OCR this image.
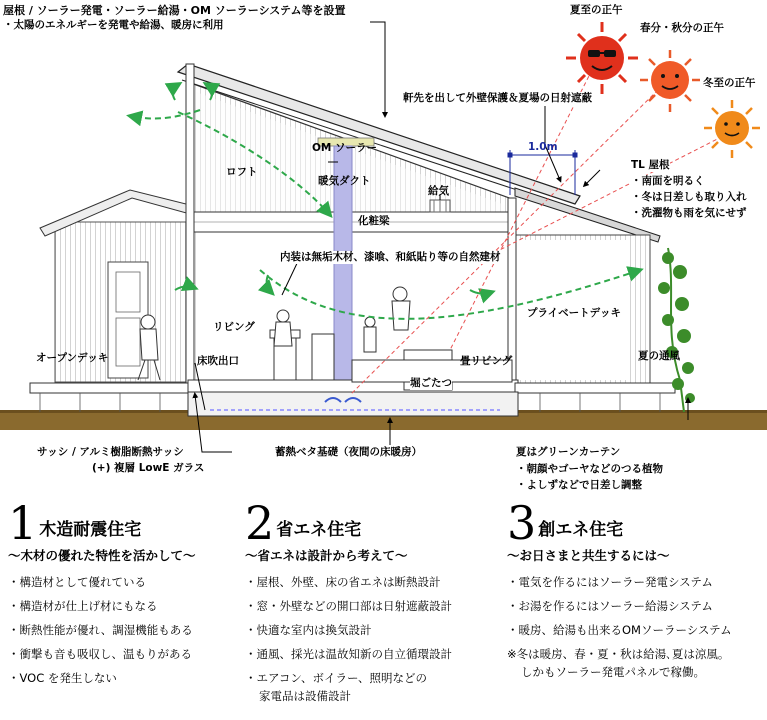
屋根 / ソーラー発電・ソーラー給湯・OM ソーラーシステム等を設置
・太陽のエネルギーを発電や給湯、暖房に利用
夏至の正午
春分・秋分の正午
冬至の正午
軒先を出して外壁保護＆夏場の日射遮蔽
1.0m
TL 屋根
・南面を明るく
・冬は日差しも取り入れ
・洗濯物も雨を気にせず
OM ソーラー
ロフト
暖気ダクト
給気
化粧梁
内装は無垢木材、漆喰、和紙貼り等の自然建材
リビング
プライベートデッキ
オープンデッキ	床吹出口	畳リビング	夏の通風
堀ごたつ
サッシ / アルミ樹脂断熱サッシ
(+) 複層 LowE ガラス
蓄熱ベタ基礎（夜間の床暖房）	夏はグリーンカーテン
・朝顔やゴーヤなどのつる植物
・よしずなどで日差し調整
1 木造耐震住宅
～木材の優れた特性を活かして～
・構造材として優れている
・構造材が仕上げ材にもなる
・断熱性能が優れ、調湿機能もある
・衝撃も音も吸収し、温もりがある
・VOC を発生しない
2 省エネ住宅
～省エネは設計から考えて～
・屋根、外壁、床の省エネは断熱設計
・窓・外壁などの開口部は日射遮蔽設計
・快適な室内は換気設計
・通風、採光は温故知新の自立循環設計
・エアコン、ボイラー、照明などの
家電品は設備設計
3 創エネ住宅
～お日さまと共生するには～
・電気を作るにはソーラー発電システム
・お湯を作るにはソーラー給湯システム
・暖房、給湯も出来るOMソーラーシステム
※冬は暖房、春・夏・秋は給湯､夏は涼風。
しかもソーラー発電パネルで稼働。
